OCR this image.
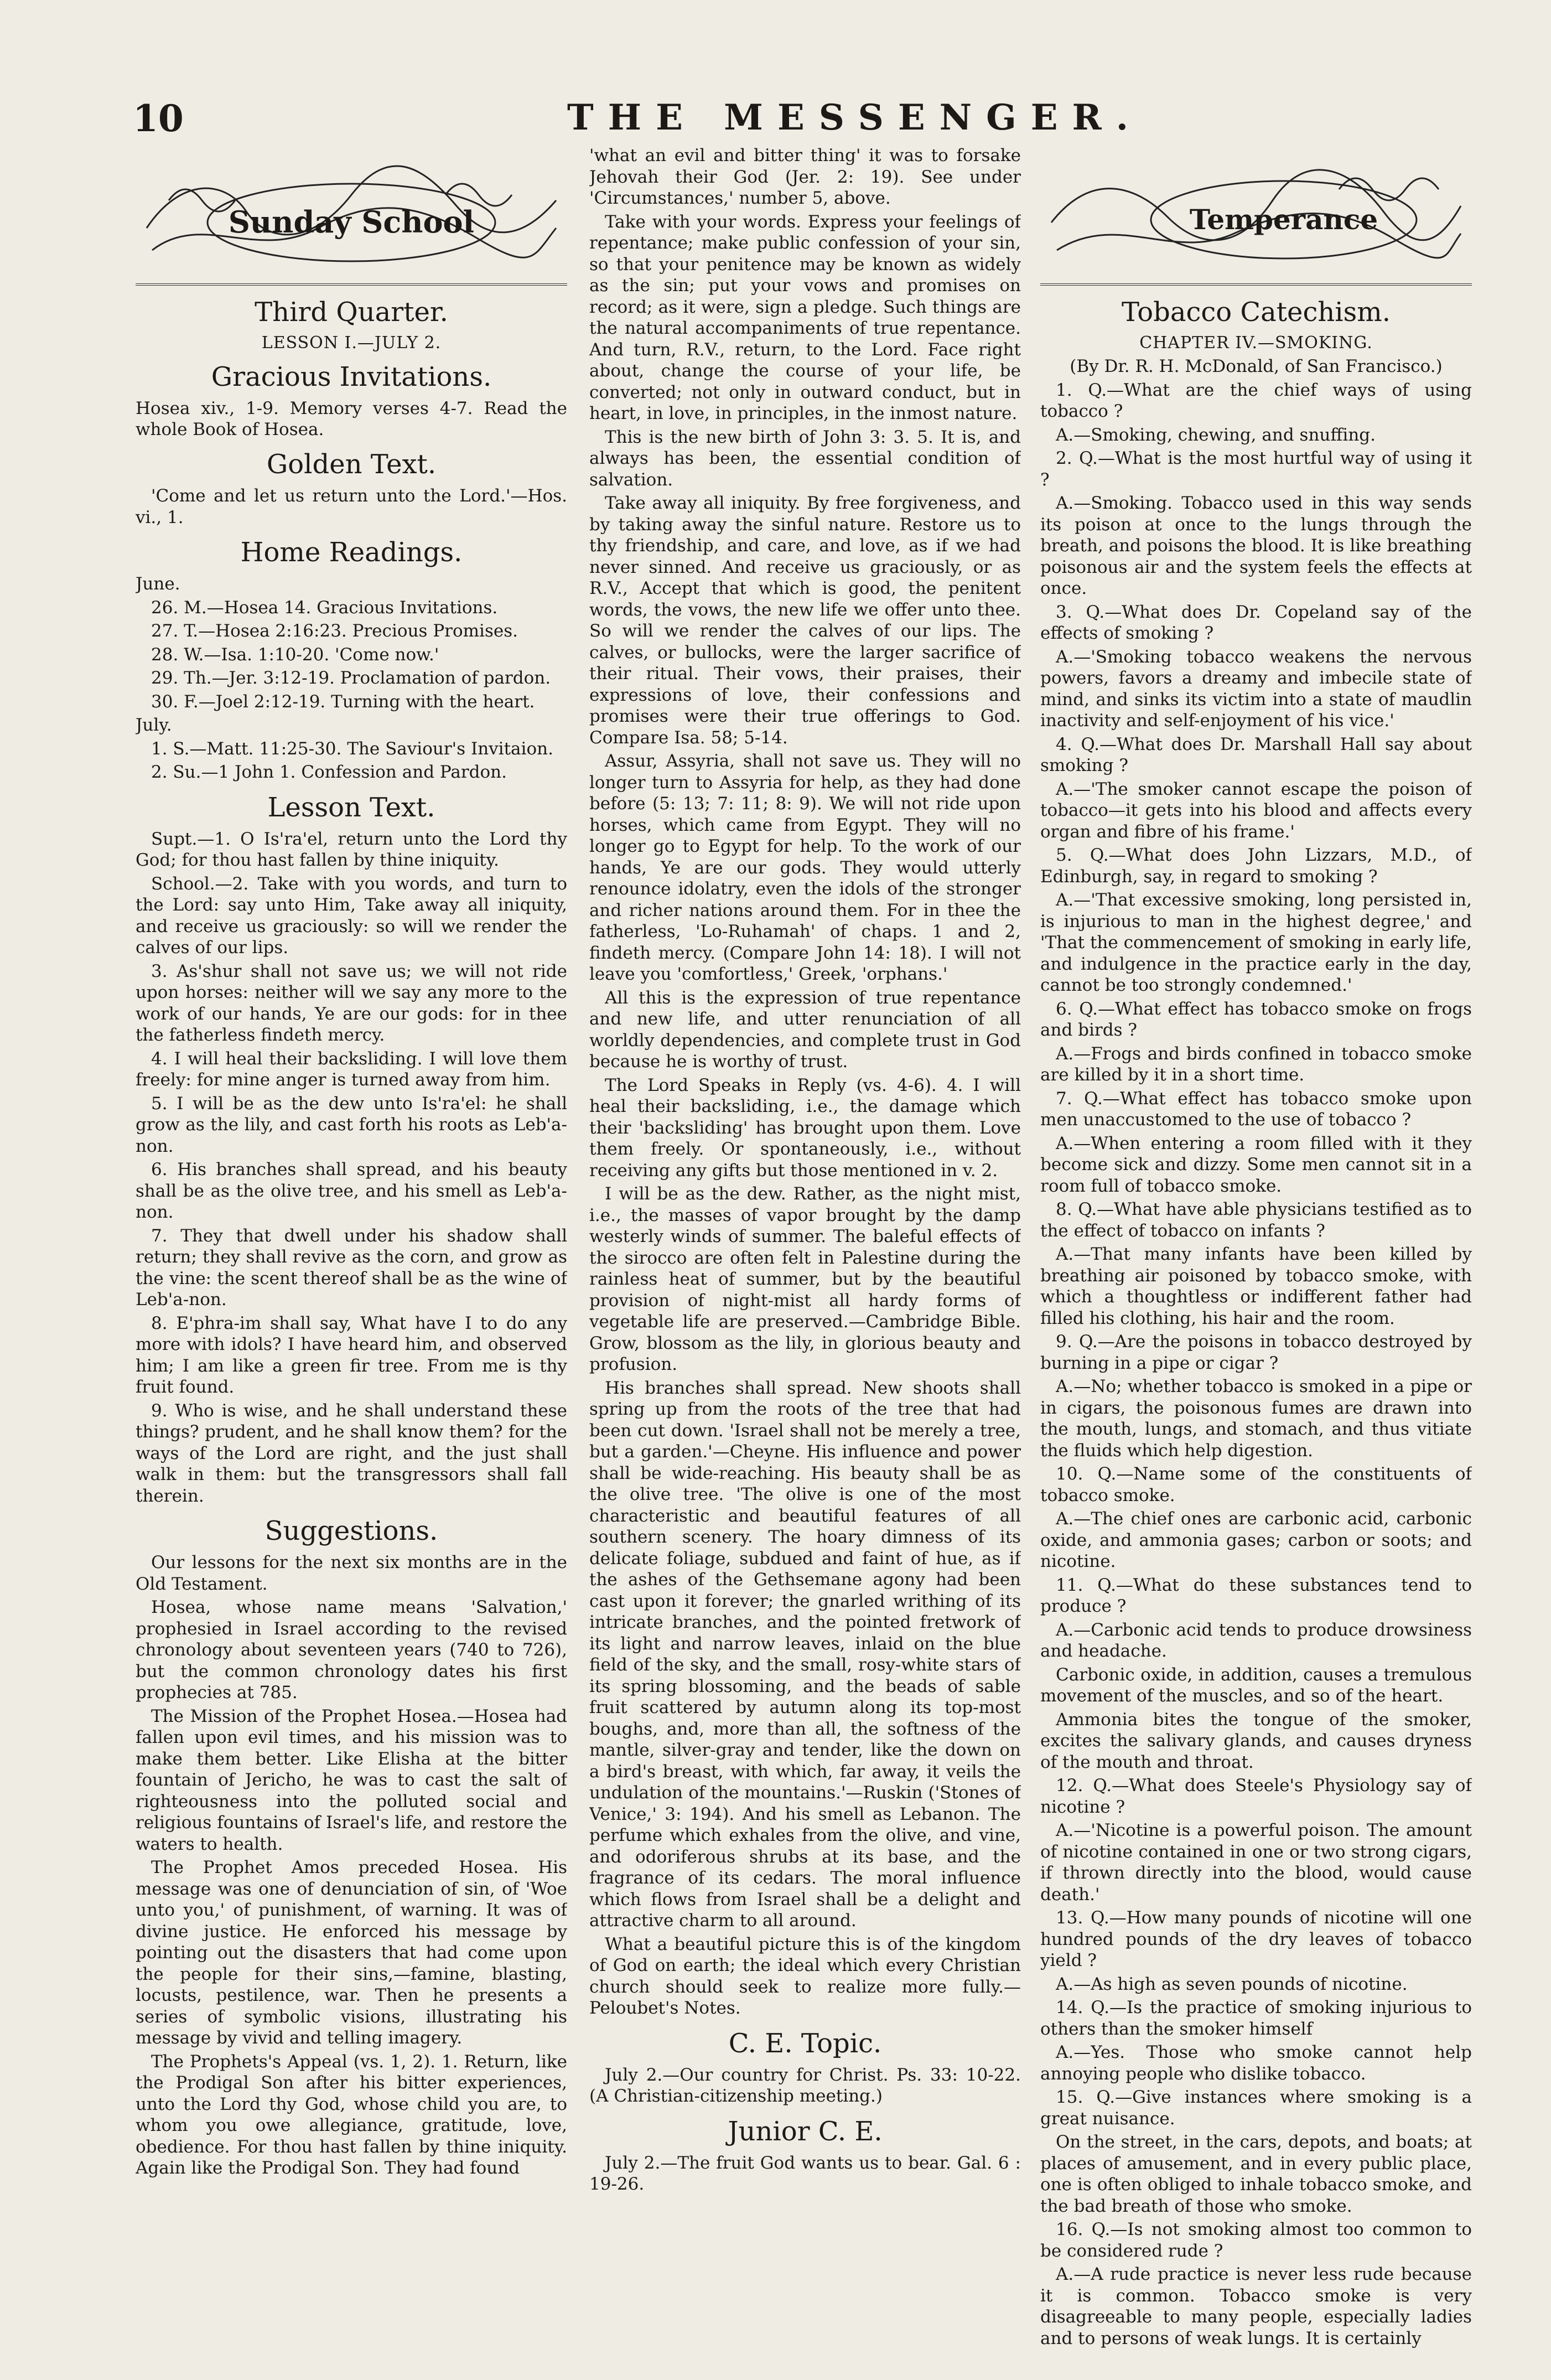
10	THE MESSENGER.
Sunday School
Third Quarter.
LESSON I.—JULY 2.
Gracious Invitations.

Hosea xiv., 1-9. Memory verses 4-7. Read the whole Book of Hosea.

Golden Text.

'Come and let us return unto the Lord.'—Hos. vi., 1.

Home Readings.

June.

26. M.—Hosea 14. Gracious Invitations.

27. T.—Hosea 2:16:23. Precious Promises.

28. W.—Isa. 1:10-20. 'Come now.'

29. Th.—Jer. 3:12-19. Proclamation of pardon.

30. F.—Joel 2:12-19. Turning with the heart.

July.

1. S.—Matt. 11:25-30. The Saviour's Invitaion.

2. Su.—1 John 1. Confession and Pardon.

Lesson Text.

Supt.—1. O Is'ra'el, return unto the Lord thy God; for thou hast fallen by thine iniquity.

School.—2. Take with you words, and turn to the Lord: say unto Him, Take away all iniquity, and receive us graciously: so will we render the calves of our lips.

3. As'shur shall not save us; we will not ride upon horses: neither will we say any more to the work of our hands, Ye are our gods: for in thee the fatherless findeth mercy.

4. I will heal their backsliding. I will love them freely: for mine anger is turned away from him.

5. I will be as the dew unto Is'ra'el: he shall grow as the lily, and cast forth his roots as Leb'a-non.

6. His branches shall spread, and his beauty shall be as the olive tree, and his smell as Leb'a-non.

7. They that dwell under his shadow shall return; they shall revive as the corn, and grow as the vine: the scent thereof shall be as the wine of Leb'a-non.

8. E'phra-im shall say, What have I to do any more with idols? I have heard him, and observed him; I am like a green fir tree. From me is thy fruit found.

9. Who is wise, and he shall understand these things? prudent, and he shall know them? for the ways of the Lord are right, and the just shall walk in them: but the transgressors shall fall therein.

Suggestions.

Our lessons for the next six months are in the Old Testament.

Hosea, whose name means 'Salvation,' prophesied in Israel according to the revised chronology about seventeen years (740 to 726), but the common chronology dates his first prophecies at 785.

The Mission of the Prophet Hosea.—Hosea had fallen upon evil times, and his mission was to make them better. Like Elisha at the bitter fountain of Jericho, he was to cast the salt of righteousness into the polluted social and religious fountains of Israel's life, and restore the waters to health.

The Prophet Amos preceded Hosea. His message was one of denunciation of sin, of 'Woe unto you,' of punishment, of warning. It was of divine justice. He enforced his message by pointing out the disasters that had come upon the people for their sins,—famine, blasting, locusts, pestilence, war. Then he presents a series of symbolic visions, illustrating his message by vivid and telling imagery.

The Prophets's Appeal (vs. 1, 2). 1. Return, like the Prodigal Son after his bitter experiences, unto the Lord thy God, whose child you are, to whom you owe allegiance, gratitude, love, obedience. For thou hast fallen by thine iniquity. Again like the Prodigal Son. They had found

'what an evil and bitter thing' it was to forsake Jehovah their God (Jer. 2: 19). See under 'Circumstances,' number 5, above.

Take with your words. Express your feelings of repentance; make public confession of your sin, so that your penitence may be known as widely as the sin; put your vows and promises on record; as it were, sign a pledge. Such things are the natural accompaniments of true repentance. And turn, R.V., return, to the Lord. Face right about, change the course of your life, be converted; not only in outward conduct, but in heart, in love, in principles, in the inmost nature.

This is the new birth of John 3: 3. 5. It is, and always has been, the essential condition of salvation.

Take away all iniquity. By free forgiveness, and by taking away the sinful nature. Restore us to thy friendship, and care, and love, as if we had never sinned. And receive us graciously, or as R.V., Accept that which is good, the penitent words, the vows, the new life we offer unto thee. So will we render the calves of our lips. The calves, or bullocks, were the larger sacrifice of their ritual. Their vows, their praises, their expressions of love, their confessions and promises were their true offerings to God. Compare Isa. 58; 5-14.

Assur, Assyria, shall not save us. They will no longer turn to Assyria for help, as they had done before (5: 13; 7: 11; 8: 9). We will not ride upon horses, which came from Egypt. They will no longer go to Egypt for help. To the work of our hands, Ye are our gods. They would utterly renounce idolatry, even the idols of the stronger and richer nations around them. For in thee the fatherless, 'Lo-Ruhamah' of chaps. 1 and 2, findeth mercy. (Compare John 14: 18). I will not leave you 'comfortless,' Greek, 'orphans.'

All this is the expression of true repentance and new life, and utter renunciation of all worldly dependencies, and complete trust in God because he is worthy of trust.

The Lord Speaks in Reply (vs. 4-6). 4. I will heal their backsliding, i.e., the damage which their 'backsliding' has brought upon them. Love them freely. Or spontaneously, i.e., without receiving any gifts but those mentioned in v. 2.

I will be as the dew. Rather, as the night mist, i.e., the masses of vapor brought by the damp westerly winds of summer. The baleful effects of the sirocco are often felt in Palestine during the rainless heat of summer, but by the beautiful provision of night-mist all hardy forms of vegetable life are preserved.—Cambridge Bible. Grow, blossom as the lily, in glorious beauty and profusion.

His branches shall spread. New shoots shall spring up from the roots of the tree that had been cut down. 'Israel shall not be merely a tree, but a garden.'—Cheyne. His influence and power shall be wide-reaching. His beauty shall be as the olive tree. 'The olive is one of the most characteristic and beautiful features of all southern scenery. The hoary dimness of its delicate foliage, subdued and faint of hue, as if the ashes of the Gethsemane agony had been cast upon it forever; the gnarled writhing of its intricate branches, and the pointed fretwork of its light and narrow leaves, inlaid on the blue field of the sky, and the small, rosy-white stars of its spring blossoming, and the beads of sable fruit scattered by autumn along its top-most boughs, and, more than all, the softness of the mantle, silver-gray and tender, like the down on a bird's breast, with which, far away, it veils the undulation of the mountains.'—Ruskin ('Stones of Venice,' 3: 194). And his smell as Lebanon. The perfume which exhales from the olive, and vine, and odoriferous shrubs at its base, and the fragrance of its cedars. The moral influence which flows from Israel shall be a delight and attractive charm to all around.

What a beautiful picture this is of the kingdom of God on earth; the ideal which every Christian church should seek to realize more fully.—Peloubet's Notes.

C. E. Topic.

July 2.—Our country for Christ. Ps. 33: 10-22. (A Christian-citizenship meeting.)

Junior C. E.

July 2.—The fruit God wants us to bear. Gal. 6 : 19-26.

Temperance
Tobacco Catechism.
CHAPTER IV.—SMOKING.

(By Dr. R. H. McDonald, of San Francisco.)

1. Q.—What are the chief ways of using tobacco ?

A.—Smoking, chewing, and snuffing.

2. Q.—What is the most hurtful way of using it ?

A.—Smoking. Tobacco used in this way sends its poison at once to the lungs through the breath, and poisons the blood. It is like breathing poisonous air and the system feels the effects at once.

3. Q.—What does Dr. Copeland say of the effects of smoking ?

A.—'Smoking tobacco weakens the nervous powers, favors a dreamy and imbecile state of mind, and sinks its victim into a state of maudlin inactivity and self-enjoyment of his vice.'

4. Q.—What does Dr. Marshall Hall say about smoking ?

A.—'The smoker cannot escape the poison of tobacco—it gets into his blood and affects every organ and fibre of his frame.'

5. Q.—What does John Lizzars, M.D., of Edinburgh, say, in regard to smoking ?

A.—'That excessive smoking, long persisted in, is injurious to man in the highest degree,' and 'That the commencement of smoking in early life, and indulgence in the practice early in the day, cannot be too strongly condemned.'

6. Q.—What effect has tobacco smoke on frogs and birds ?

A.—Frogs and birds confined in tobacco smoke are killed by it in a short time.

7. Q.—What effect has tobacco smoke upon men unaccustomed to the use of tobacco ?

A.—When entering a room filled with it they become sick and dizzy. Some men cannot sit in a room full of tobacco smoke.

8. Q.—What have able physicians testified as to the effect of tobacco on infants ?

A.—That many infants have been killed by breathing air poisoned by tobacco smoke, with which a thoughtless or indifferent father had filled his clothing, his hair and the room.

9. Q.—Are the poisons in tobacco destroyed by burning in a pipe or cigar ?

A.—No; whether tobacco is smoked in a pipe or in cigars, the poisonous fumes are drawn into the mouth, lungs, and stomach, and thus vitiate the fluids which help digestion.

10. Q.—Name some of the constituents of tobacco smoke.

A.—The chief ones are carbonic acid, carbonic oxide, and ammonia gases; carbon or soots; and nicotine.

11. Q.—What do these substances tend to produce ?

A.—Carbonic acid tends to produce drowsiness and headache.

Carbonic oxide, in addition, causes a tremulous movement of the muscles, and so of the heart.

Ammonia bites the tongue of the smoker, excites the salivary glands, and causes dryness of the mouth and throat.

12. Q.—What does Steele's Physiology say of nicotine ?

A.—'Nicotine is a powerful poison. The amount of nicotine contained in one or two strong cigars, if thrown directly into the blood, would cause death.'

13. Q.—How many pounds of nicotine will one hundred pounds of the dry leaves of tobacco yield ?

A.—As high as seven pounds of nicotine.

14. Q.—Is the practice of smoking injurious to others than the smoker himself

A.—Yes. Those who smoke cannot help annoying people who dislike tobacco.

15. Q.—Give instances where smoking is a great nuisance.

On the street, in the cars, depots, and boats; at places of amusement, and in every public place, one is often obliged to inhale tobacco smoke, and the bad breath of those who smoke.

16. Q.—Is not smoking almost too common to be considered rude ?

A.—A rude practice is never less rude because it is common. Tobacco smoke is very disagreeable to many people, especially ladies and to persons of weak lungs. It is certainly
